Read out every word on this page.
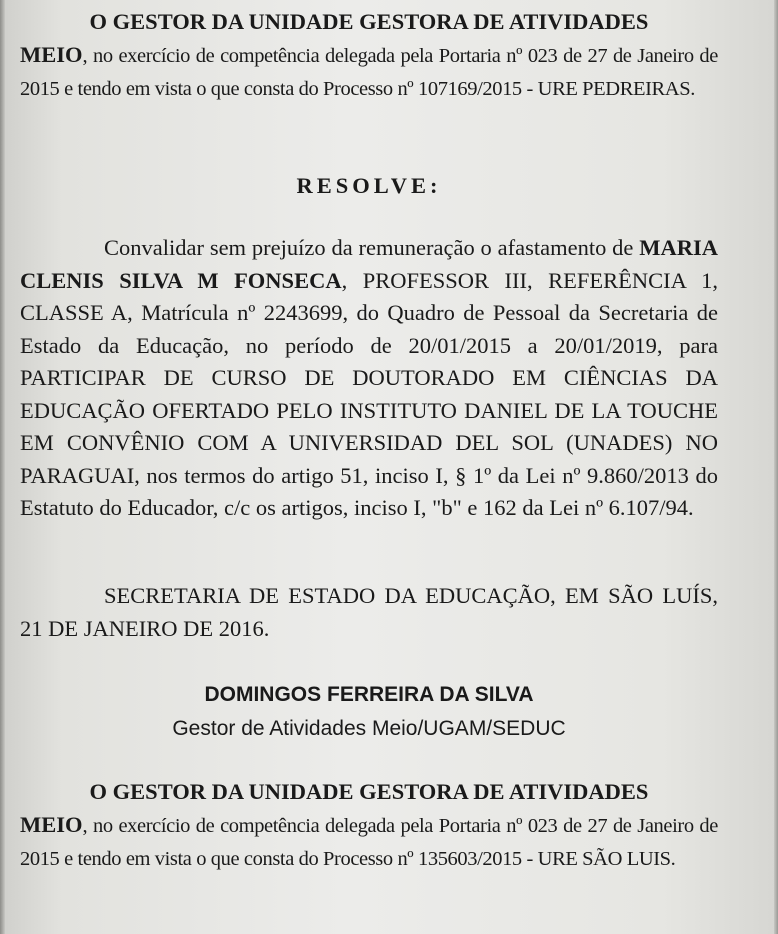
O GESTOR DA UNIDADE GESTORA DE ATIVIDADES
MEIO, no exercício de competência delegada pela Portaria nº 023 de 27 de Janeiro de 2015 e tendo em vista o que consta do Processo nº 107169/2015 - URE PEDREIRAS.

RESOLVE:

Convalidar sem prejuízo da remuneração o afastamento de MARIA CLENIS SILVA M FONSECA, PROFESSOR III, REFERÊNCIA 1, CLASSE A, Matrícula nº 2243699, do Quadro de Pessoal da Secretaria de Estado da Educação, no período de 20/01/2015 a 20/01/2019, para PARTICIPAR DE CURSO DE DOUTORADO EM CIÊNCIAS DA EDUCAÇÃO OFERTADO PELO INSTITUTO DANIEL DE LA TOUCHE EM CONVÊNIO COM A UNIVERSIDAD DEL SOL (UNADES) NO PARAGUAI, nos termos do artigo 51, inciso I, § 1º da Lei nº 9.860/2013 do Estatuto do Educador, c/c os artigos, inciso I, "b" e 162 da Lei nº 6.107/94.

SECRETARIA DE ESTADO DA EDUCAÇÃO, EM SÃO LUÍS, 21 DE JANEIRO DE 2016.

DOMINGOS FERREIRA DA SILVA
Gestor de Atividades Meio/UGAM/SEDUC

O GESTOR DA UNIDADE GESTORA DE ATIVIDADES
MEIO, no exercício de competência delegada pela Portaria nº 023 de 27 de Janeiro de 2015 e tendo em vista o que consta do Processo nº 135603/2015 - URE SÃO LUIS.
